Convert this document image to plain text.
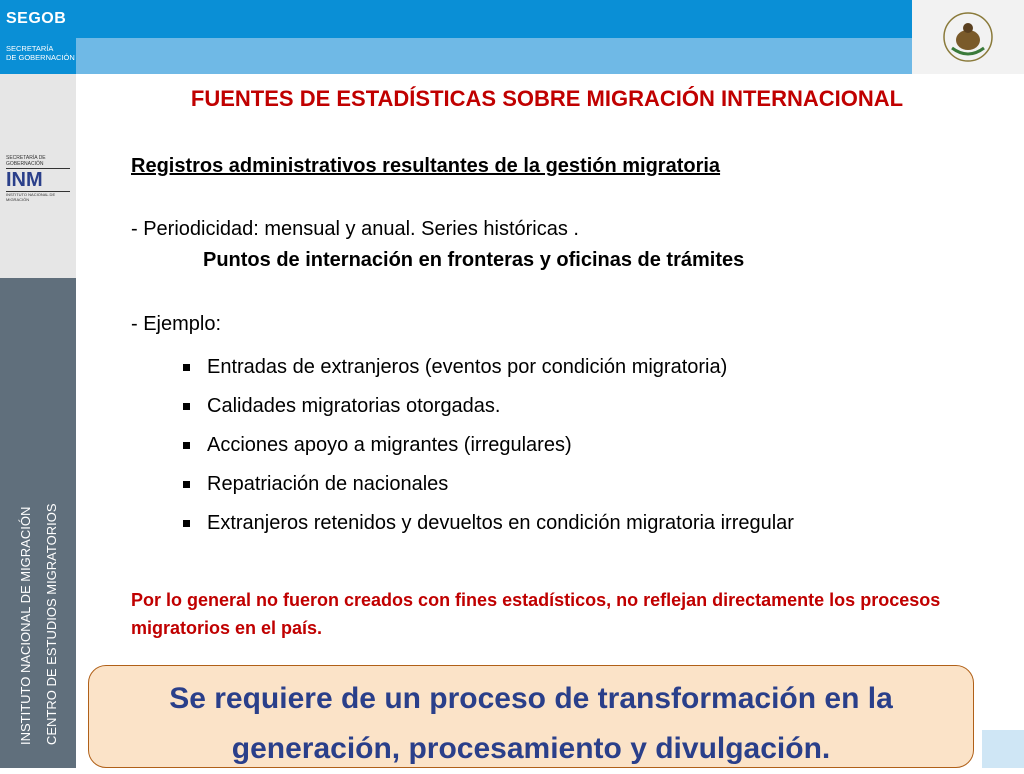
SEGOB
SECRETARÍA
DE GOBERNACIÓN
SECRETARÍA DE GOBERNACIÓN
INM
INSTITUTO NACIONAL DE MIGRACIÓN
INSTITUTO NACIONAL DE MIGRACIÓN CENTRO DE ESTUDIOS MIGRATORIOS
FUENTES DE ESTADÍSTICAS SOBRE MIGRACIÓN INTERNACIONAL
Registros administrativos resultantes de la gestión migratoria
- Periodicidad: mensual y anual. Series históricas .
Puntos de internación en fronteras y oficinas de trámites
- Ejemplo:
Entradas de extranjeros (eventos por condición migratoria)
Calidades migratorias otorgadas.
Acciones apoyo a migrantes (irregulares)
Repatriación de nacionales
Extranjeros retenidos y devueltos en condición migratoria irregular
Por lo general no fueron creados con fines estadísticos, no reflejan directamente los procesos migratorios en el país.
Se requiere de un proceso de transformación en la
generación, procesamiento y divulgación.
